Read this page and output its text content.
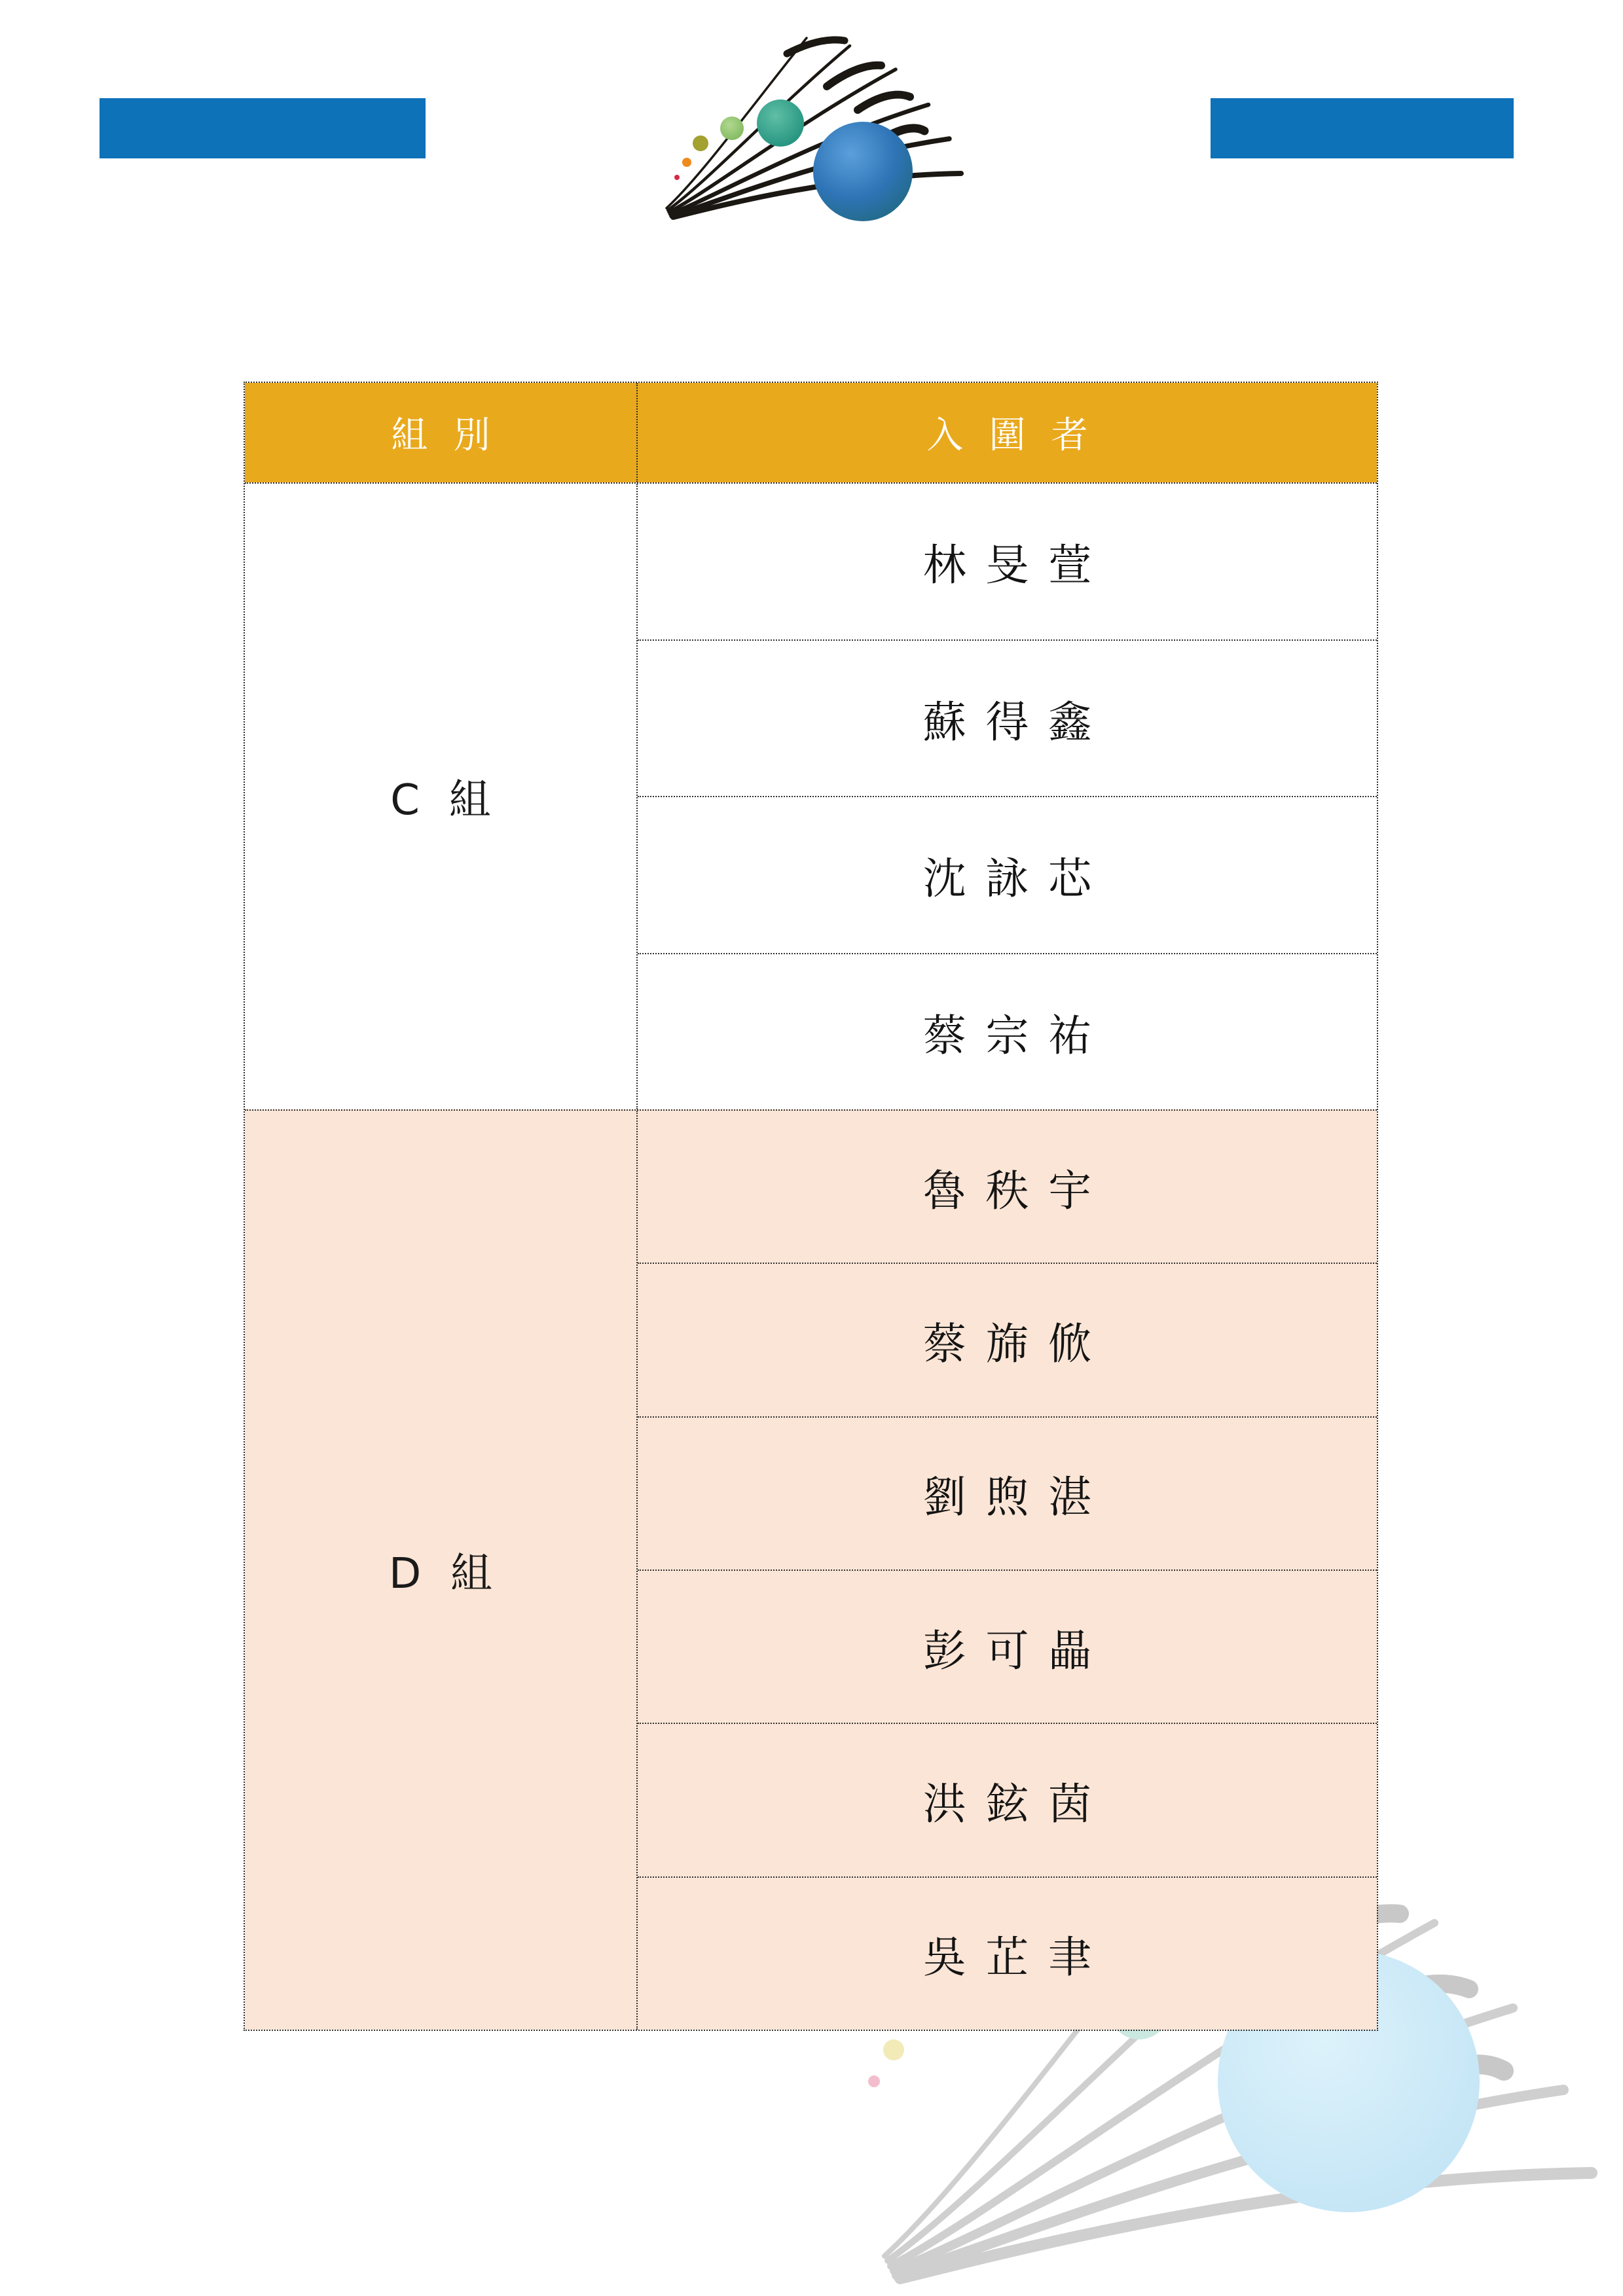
組別	入圍者
C組
林旻萱
蘇得鑫
沈詠芯
蔡宗祐
D組
魯秩宇
蔡旆俽
劉煦湛
彭可畾
洪鉉茵
吳芷聿
